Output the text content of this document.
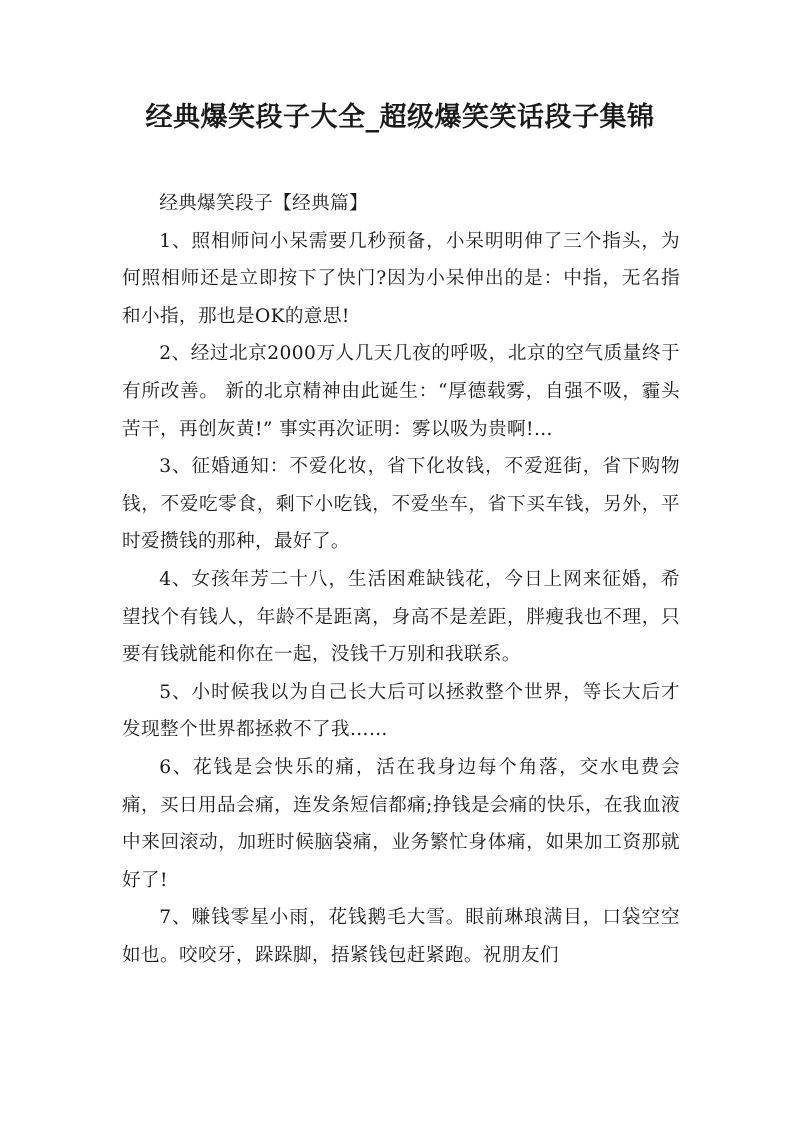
经典爆笑段子大全_超级爆笑笑话段子集锦

经典爆笑段子【经典篇】

1、照相师问小呆需要几秒预备，小呆明明伸了三个指头，为何照相师还是立即按下了快门?因为小呆伸出的是：中指，无名指和小指，那也是OK的意思!

2、经过北京2000万人几天几夜的呼吸，北京的空气质量终于有所改善。 新的北京精神由此诞生：“厚德载雾，自强不吸，霾头苦干，再创灰黄!” 事实再次证明：雾以吸为贵啊!…

3、征婚通知：不爱化妆，省下化妆钱，不爱逛街，省下购物钱，不爱吃零食，剩下小吃钱，不爱坐车，省下买车钱，另外，平时爱攒钱的那种，最好了。

4、女孩年芳二十八，生活困难缺钱花，今日上网来征婚，希望找个有钱人，年龄不是距离，身高不是差距，胖瘦我也不理，只要有钱就能和你在一起，没钱千万别和我联系。

5、小时候我以为自己长大后可以拯救整个世界，等长大后才发现整个世界都拯救不了我……

6、花钱是会快乐的痛，活在我身边每个角落，交水电费会痛，买日用品会痛，连发条短信都痛;挣钱是会痛的快乐，在我血液中来回滚动，加班时候脑袋痛，业务繁忙身体痛，如果加工资那就好了!

7、赚钱零星小雨，花钱鹅毛大雪。眼前琳琅满目，口袋空空如也。咬咬牙，跺跺脚，捂紧钱包赶紧跑。祝朋友们
